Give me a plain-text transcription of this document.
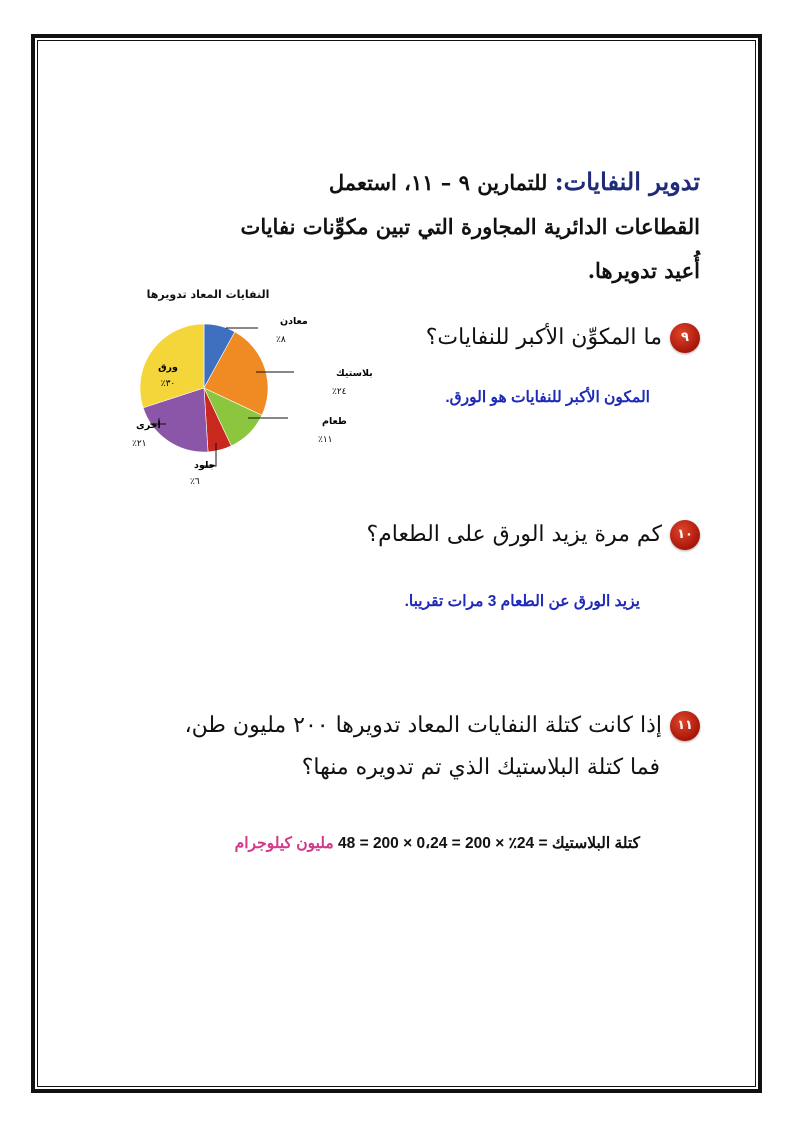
تدوير النفايات: للتمارين ٩ – ١١، استعمل
القطاعات الدائرية المجاورة التي تبين مكوِّنات نفايات
أُعيد تدويرها.
النفايات المعاد تدويرها
معادن
٨٪
بلاستيك
٢٤٪
طعام
١١٪
جلود
٦٪
أخرى
٢١٪
ورق
٣٠٪
٩ما المكوِّن الأكبر للنفايات؟
المكون الأكبر للنفايات هو الورق.
١٠كم مرة يزيد الورق على الطعام؟
يزيد الورق عن الطعام 3 مرات تقريبا.
١١إذا كانت كتلة النفايات المعاد تدويرها ٢٠٠ مليون طن،
فما كتلة البلاستيك الذي تم تدويره منها؟
كتلة البلاستيك = 24٪ × 200 = 0،24 × 200 = 48 مليون كيلوجرام
